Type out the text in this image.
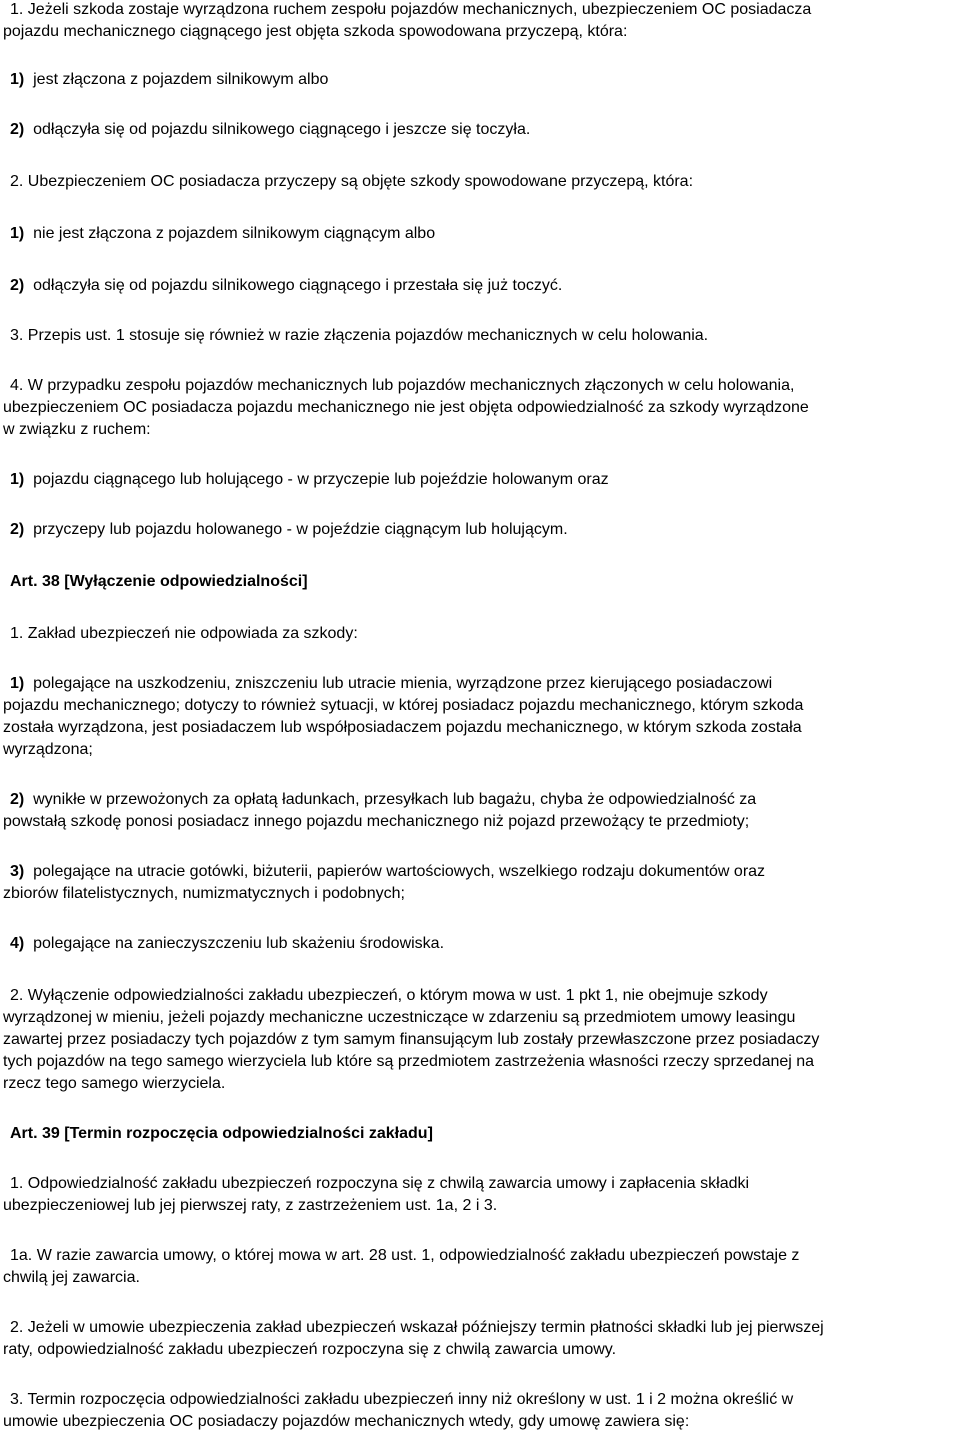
1. Jeżeli szkoda zostaje wyrządzona ruchem zespołu pojazdów mechanicznych, ubezpieczeniem OC posiadacza
pojazdu mechanicznego ciągnącego jest objęta szkoda spowodowana przyczepą, która:
1)  jest złączona z pojazdem silnikowym albo
2)  odłączyła się od pojazdu silnikowego ciągnącego i jeszcze się toczyła.
2. Ubezpieczeniem OC posiadacza przyczepy są objęte szkody spowodowane przyczepą, która:
1)  nie jest złączona z pojazdem silnikowym ciągnącym albo
2)  odłączyła się od pojazdu silnikowego ciągnącego i przestała się już toczyć.
3. Przepis ust. 1 stosuje się również w razie złączenia pojazdów mechanicznych w celu holowania.
4. W przypadku zespołu pojazdów mechanicznych lub pojazdów mechanicznych złączonych w celu holowania,
ubezpieczeniem OC posiadacza pojazdu mechanicznego nie jest objęta odpowiedzialność za szkody wyrządzone
w związku z ruchem:
1)  pojazdu ciągnącego lub holującego - w przyczepie lub pojeździe holowanym oraz
2)  przyczepy lub pojazdu holowanego - w pojeździe ciągnącym lub holującym.
Art. 38 [Wyłączenie odpowiedzialności]
1. Zakład ubezpieczeń nie odpowiada za szkody:
1)  polegające na uszkodzeniu, zniszczeniu lub utracie mienia, wyrządzone przez kierującego posiadaczowi
pojazdu mechanicznego; dotyczy to również sytuacji, w której posiadacz pojazdu mechanicznego, którym szkoda
została wyrządzona, jest posiadaczem lub współposiadaczem pojazdu mechanicznego, w którym szkoda została
wyrządzona;
2)  wynikłe w przewożonych za opłatą ładunkach, przesyłkach lub bagażu, chyba że odpowiedzialność za
powstałą szkodę ponosi posiadacz innego pojazdu mechanicznego niż pojazd przewożący te przedmioty;
3)  polegające na utracie gotówki, biżuterii, papierów wartościowych, wszelkiego rodzaju dokumentów oraz
zbiorów filatelistycznych, numizmatycznych i podobnych;
4)  polegające na zanieczyszczeniu lub skażeniu środowiska.
2. Wyłączenie odpowiedzialności zakładu ubezpieczeń, o którym mowa w ust. 1 pkt 1, nie obejmuje szkody
wyrządzonej w mieniu, jeżeli pojazdy mechaniczne uczestniczące w zdarzeniu są przedmiotem umowy leasingu
zawartej przez posiadaczy tych pojazdów z tym samym finansującym lub zostały przewłaszczone przez posiadaczy
tych pojazdów na tego samego wierzyciela lub które są przedmiotem zastrzeżenia własności rzeczy sprzedanej na
rzecz tego samego wierzyciela.
Art. 39 [Termin rozpoczęcia odpowiedzialności zakładu]
1. Odpowiedzialność zakładu ubezpieczeń rozpoczyna się z chwilą zawarcia umowy i zapłacenia składki
ubezpieczeniowej lub jej pierwszej raty, z zastrzeżeniem ust. 1a, 2 i 3.
1a. W razie zawarcia umowy, o której mowa w art. 28 ust. 1, odpowiedzialność zakładu ubezpieczeń powstaje z
chwilą jej zawarcia.
2. Jeżeli w umowie ubezpieczenia zakład ubezpieczeń wskazał późniejszy termin płatności składki lub jej pierwszej
raty, odpowiedzialność zakładu ubezpieczeń rozpoczyna się z chwilą zawarcia umowy.
3. Termin rozpoczęcia odpowiedzialności zakładu ubezpieczeń inny niż określony w ust. 1 i 2 można określić w
umowie ubezpieczenia OC posiadaczy pojazdów mechanicznych wtedy, gdy umowę zawiera się:
